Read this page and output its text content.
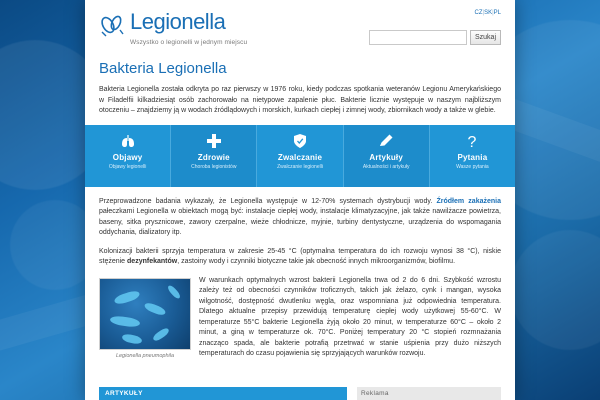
Legionella
Wszystko o legionelli w jednym miejscu
CZ|SK|PL
Szukaj
Bakteria Legionella

Bakteria Legionella została odkryta po raz pierwszy w 1976 roku, kiedy podczas spotkania weteranów Legionu Amerykańskiego w Filadelfii kilkadziesiąt osób zachorowało na nietypowe zapalenie płuc. Bakterie licznie występuje w naszym najbliższym otoczeniu – znajdziemy ją w wodach źródlądowych i morskich, kurkach ciepłej i zimnej wody, zbiornikach wody a także w glebie.

Objawy
Objawy legionelli
Zdrowie
Choroba legionistów
Zwalczanie
Zwalczanie legionelli
Artykuły
Aktualności i artykuły
?
Pytania
Wasze pytania

Przeprowadzone badania wykazały, że Legionella występuje w 12-70% systemach dystrybucji wody. Źródłem zakażenia pałeczkami Legionella w obiektach mogą być: instalacje ciepłej wody, instalacje klimatyzacyjne, jak także nawilżacze powietrza, baseny, sitka prysznicowe, zawory czerpalne, wieże chłodnicze, myjnie, turbiny dentystyczne, urządzenia do wspomagania oddychania, dializatory itp.

Kolonizacji bakterii sprzyja temperatura w zakresie 25-45 °C (optymalna temperatura do ich rozwoju wynosi 38 °C), niskie stężenie dezynfekantów, zastoiny wody i czynniki biotyczne takie jak obecność innych mikroorganizmów, biofilmu.

Legionella pneumophila

W warunkach optymalnych wzrost bakterii Legionella trwa od 2 do 6 dni. Szybkość wzrostu zależy też od obecności czynników troficznych, takich jak żelazo, cynk i mangan, wysoka wilgotność, dostępność dwutlenku węgla, oraz wspomniana już odpowiednia temperatura. Dlatego aktualne przepisy przewidują temperaturę ciepłej wody użytkowej 55-60°C. W temperaturze 55°C bakterie Legionella żyją około 20 minut, w temperaturze 60°C – około 2 minut, a giną w temperaturze ok. 70°C. Poniżej temperatury 20 °C stopień rozmnażania znacząco spada, ale bakterie potrafią przetrwać w stanie uśpienia przy dużo niższych temperaturach do czasu pojawienia się sprzyjających warunków rozwoju.

ARTYKUŁY	Reklama
